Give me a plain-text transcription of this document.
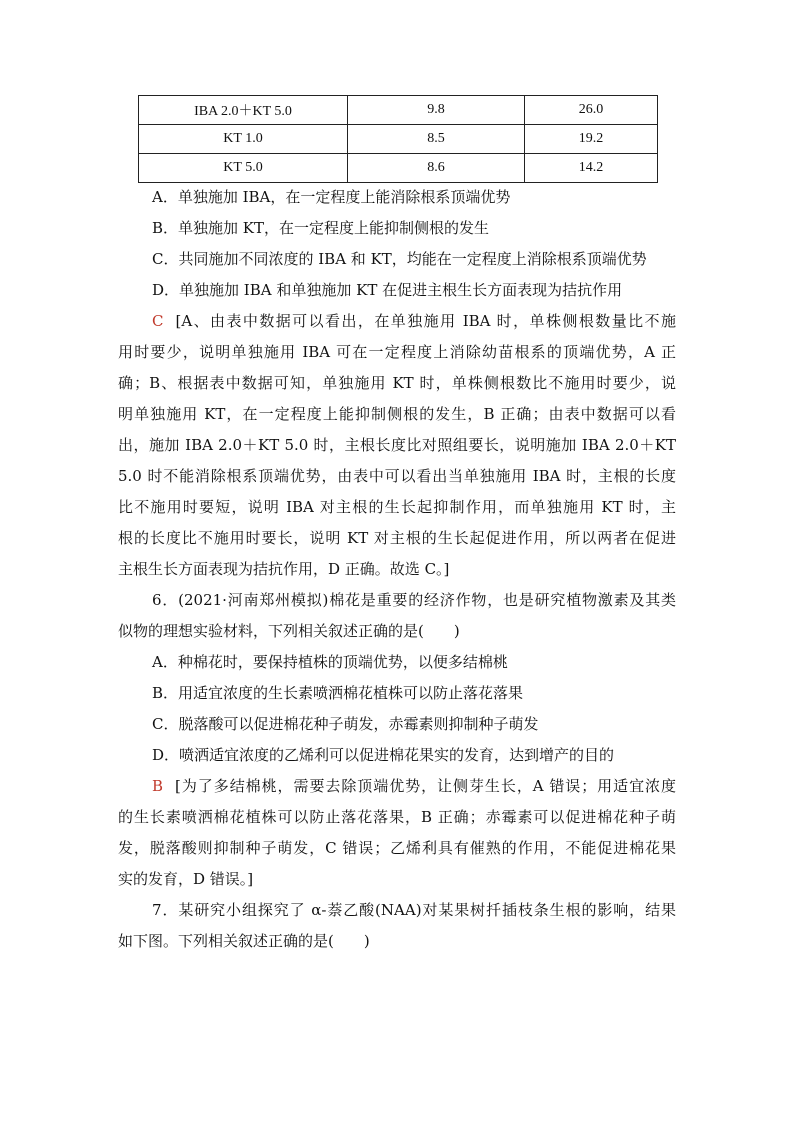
IBA 2.0＋KT 5.0	9.8	26.0
KT 1.0	8.5	19.2
KT 5.0	8.6	14.2
A．单独施加 IBA，在一定程度上能消除根系顶端优势
B．单独施加 KT，在一定程度上能抑制侧根的发生
C．共同施加不同浓度的 IBA 和 KT，均能在一定程度上消除根系顶端优势
D．单独施加 IBA 和单独施加 KT 在促进主根生长方面表现为拮抗作用
C [A、由表中数据可以看出，在单独施用 IBA 时，单株侧根数量比不施
用时要少，说明单独施用 IBA 可在一定程度上消除幼苗根系的顶端优势，A 正
确；B、根据表中数据可知，单独施用 KT 时，单株侧根数比不施用时要少，说
明单独施用 KT，在一定程度上能抑制侧根的发生，B 正确；由表中数据可以看
出，施加 IBA 2.0＋KT 5.0 时，主根长度比对照组要长，说明施加 IBA 2.0＋KT
5.0 时不能消除根系顶端优势，由表中可以看出当单独施用 IBA 时，主根的长度
比不施用时要短，说明 IBA 对主根的生长起抑制作用，而单独施用 KT 时，主
根的长度比不施用时要长，说明 KT 对主根的生长起促进作用，所以两者在促进
主根生长方面表现为拮抗作用，D 正确。故选 C。]
6．(2021·河南郑州模拟)棉花是重要的经济作物，也是研究植物激素及其类
似物的理想实验材料，下列相关叙述正确的是(　　)
A．种棉花时，要保持植株的顶端优势，以便多结棉桃
B．用适宜浓度的生长素喷洒棉花植株可以防止落花落果
C．脱落酸可以促进棉花种子萌发，赤霉素则抑制种子萌发
D．喷洒适宜浓度的乙烯利可以促进棉花果实的发育，达到增产的目的
B [为了多结棉桃，需要去除顶端优势，让侧芽生长，A 错误；用适宜浓度
的生长素喷洒棉花植株可以防止落花落果，B 正确；赤霉素可以促进棉花种子萌
发，脱落酸则抑制种子萌发，C 错误；乙烯利具有催熟的作用，不能促进棉花果
实的发育，D 错误。]
7．某研究小组探究了 α-萘乙酸(NAA)对某果树扦插枝条生根的影响，结果
如下图。下列相关叙述正确的是(　　)
